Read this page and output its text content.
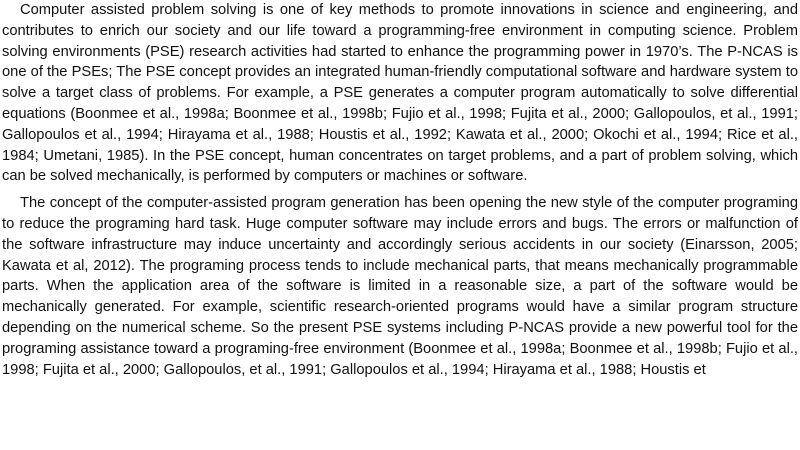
Computer assisted problem solving is one of key methods to promote innovations in science and engineering, and contributes to enrich our society and our life toward a programming-free environment in computing science. Problem solving environments (PSE) research activities had started to enhance the programming power in 1970’s. The P-NCAS is one of the PSEs; The PSE concept provides an integrated human-friendly computational software and hardware system to solve a target class of problems. For example, a PSE generates a computer program automatically to solve differential equations (Boonmee et al., 1998a; Boonmee et al., 1998b; Fujio et al., 1998; Fujita et al., 2000; Gallopoulos, et al., 1991; Gallopoulos et al., 1994; Hirayama et al., 1988; Houstis et al., 1992; Kawata et al., 2000; Okochi et al., 1994; Rice et al., 1984; Umetani, 1985). In the PSE concept, human concentrates on target problems, and a part of problem solving, which can be solved mechanically, is performed by computers or machines or software.

The concept of the computer-assisted program generation has been opening the new style of the computer programing to reduce the programing hard task. Huge computer software may include errors and bugs. The errors or malfunction of the software infrastructure may induce uncertainty and accordingly serious accidents in our society (Einarsson, 2005; Kawata et al, 2012). The programing process tends to include mechanical parts, that means mechanically programmable parts. When the application area of the software is limited in a reasonable size, a part of the software would be mechanically generated. For example, scientific research-oriented programs would have a similar program structure depending on the numerical scheme. So the present PSE systems including P-NCAS provide a new powerful tool for the programing assistance toward a programing-free environment (Boonmee et al., 1998a; Boonmee et al., 1998b; Fujio et al., 1998; Fujita et al., 2000; Gallopoulos, et al., 1991; Gallopoulos et al., 1994; Hirayama et al., 1988; Houstis et
